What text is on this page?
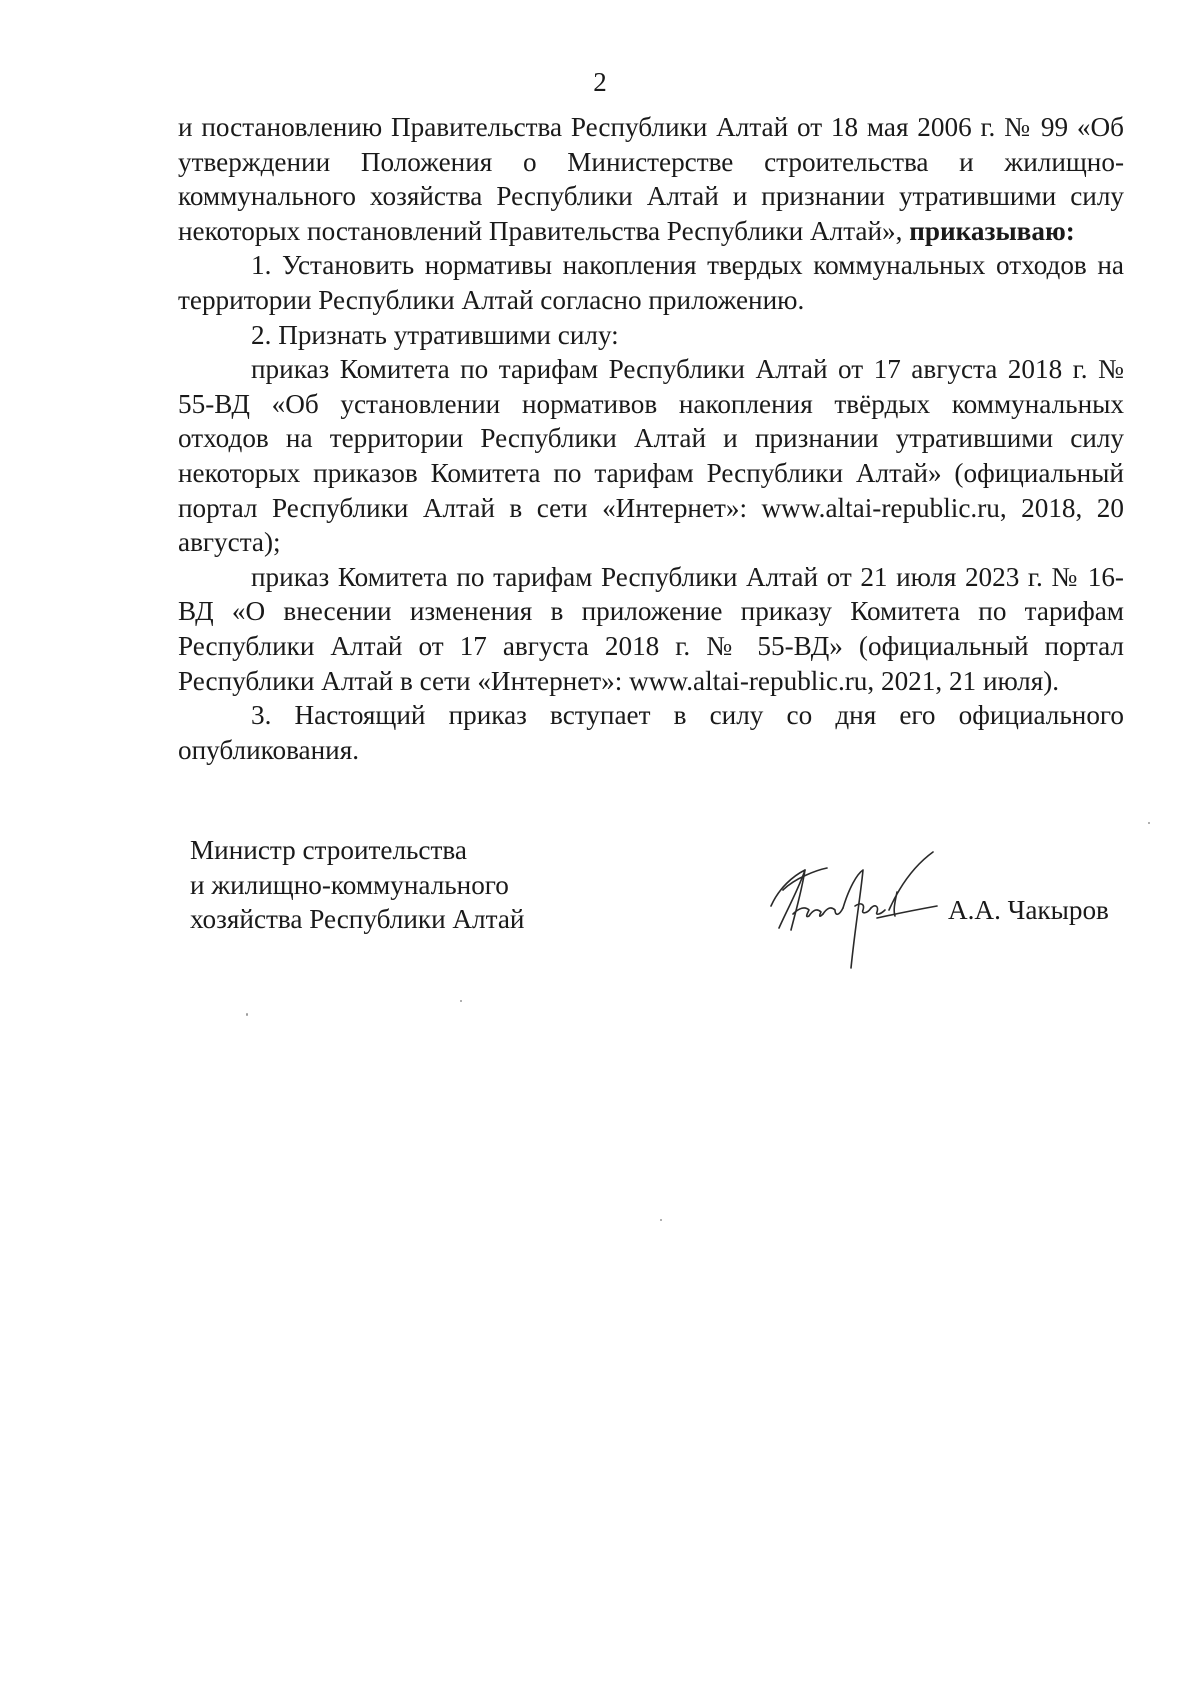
2

и постановлению Правительства Республики Алтай от 18 мая 2006 г. № 99 «Об утверждении Положения о Министерстве строительства и жилищно-коммунального хозяйства Республики Алтай и признании утратившими силу некоторых постановлений Правительства Республики Алтай», приказываю:

1. Установить нормативы накопления твердых коммунальных отходов на территории Республики Алтай согласно приложению.

2. Признать утратившими силу:

приказ Комитета по тарифам Республики Алтай от 17 августа 2018 г. № 55-ВД «Об установлении нормативов накопления твёрдых коммунальных отходов на территории Республики Алтай и признании утратившими силу некоторых приказов Комитета по тарифам Республики Алтай» (официальный портал Республики Алтай в сети «Интернет»: www.altai-republic.ru, 2018, 20 августа);

приказ Комитета по тарифам Республики Алтай от 21 июля 2023 г. № 16-ВД «О внесении изменения в приложение приказу Комитета по тарифам Республики Алтай от 17 августа 2018 г. № 55-ВД» (официальный портал Республики Алтай в сети «Интернет»: www.altai-republic.ru, 2021, 21 июля).

3. Настоящий приказ вступает в силу со дня его официального опубликования.

Министр строительства
и жилищно-коммунального
хозяйства Республики Алтай	А.А. Чакыров
